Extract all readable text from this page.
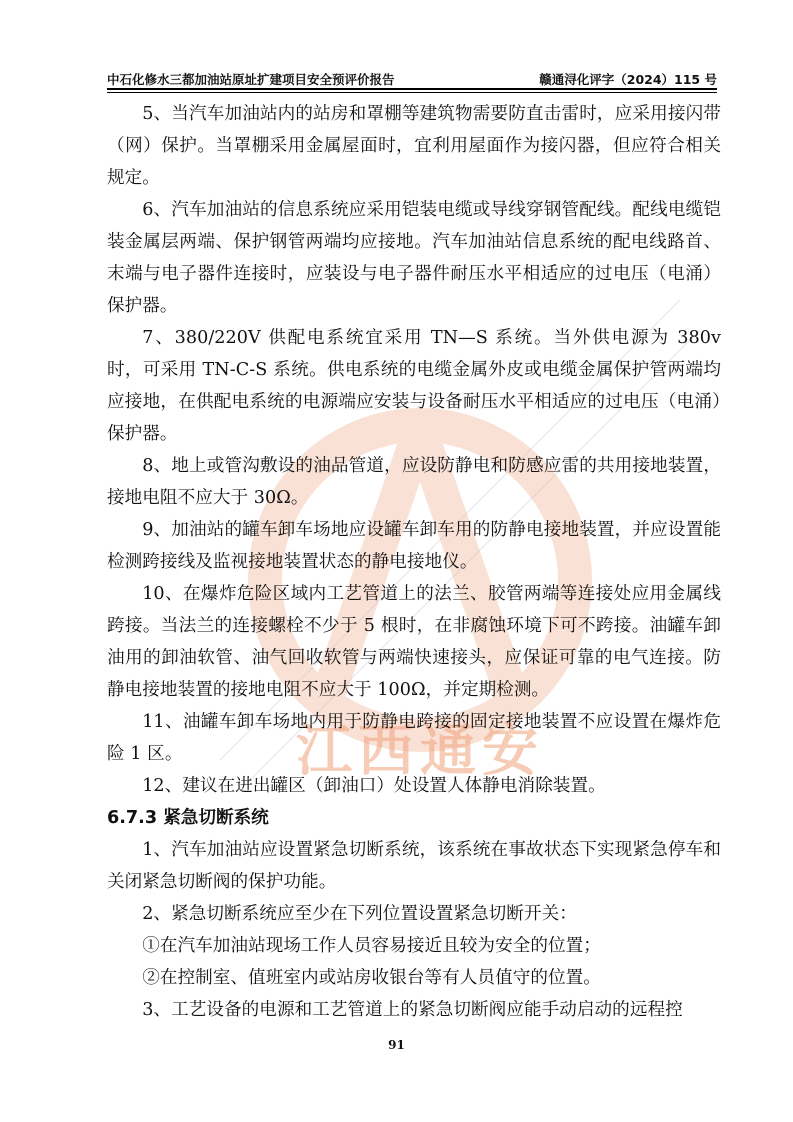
江西通安
中石化修水三都加油站原址扩建项目安全预评价报告	赣通浔化评字（2024）115 号

5、当汽车加油站内的站房和罩棚等建筑物需要防直击雷时，应采用接闪带（网）保护。当罩棚采用金属屋面时，宜利用屋面作为接闪器，但应符合相关规定。

6、汽车加油站的信息系统应采用铠装电缆或导线穿钢管配线。配线电缆铠装金属层两端、保护钢管两端均应接地。汽车加油站信息系统的配电线路首、末端与电子器件连接时，应装设与电子器件耐压水平相适应的过电压（电涌）保护器。

7、380/220V 供配电系统宜采用 TN—S 系统。当外供电源为 380v 时，可采用 TN-C-S 系统。供电系统的电缆金属外皮或电缆金属保护管两端均应接地，在供配电系统的电源端应安装与设备耐压水平相适应的过电压（电涌）保护器。

8、地上或管沟敷设的油品管道，应设防静电和防感应雷的共用接地装置，接地电阻不应大于 30Ω。

9、加油站的罐车卸车场地应设罐车卸车用的防静电接地装置，并应设置能检测跨接线及监视接地装置状态的静电接地仪。

10、在爆炸危险区域内工艺管道上的法兰、胶管两端等连接处应用金属线跨接。当法兰的连接螺栓不少于 5 根时，在非腐蚀环境下可不跨接。油罐车卸油用的卸油软管、油气回收软管与两端快速接头，应保证可靠的电气连接。防静电接地装置的接地电阻不应大于 100Ω，并定期检测。

11、油罐车卸车场地内用于防静电跨接的固定接地装置不应设置在爆炸危险 1 区。

12、建议在进出罐区（卸油口）处设置人体静电消除装置。

6.7.3 紧急切断系统

1、汽车加油站应设置紧急切断系统，该系统在事故状态下实现紧急停车和关闭紧急切断阀的保护功能。

2、紧急切断系统应至少在下列位置设置紧急切断开关：

①在汽车加油站现场工作人员容易接近且较为安全的位置；

②在控制室、值班室内或站房收银台等有人员值守的位置。

3、工艺设备的电源和工艺管道上的紧急切断阀应能手动启动的远程控

91
